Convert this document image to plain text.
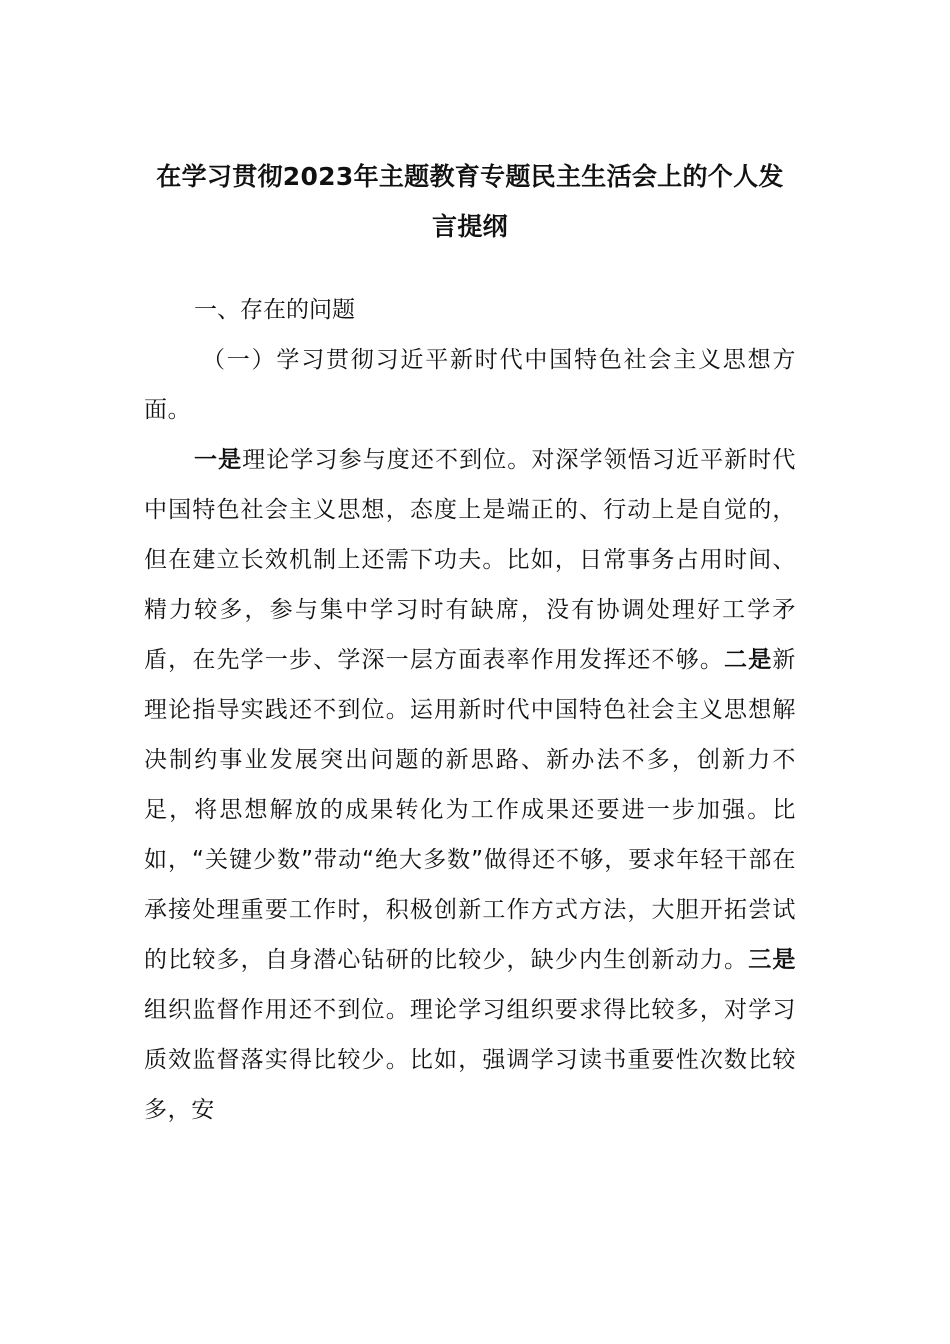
在学习贯彻2023年主题教育专题民主生活会上的个人发言提纲

一、存在的问题

（一）学习贯彻习近平新时代中国特色社会主义思想方面。

一是理论学习参与度还不到位。对深学领悟习近平新时代中国特色社会主义思想，态度上是端正的、行动上是自觉的，但在建立长效机制上还需下功夫。比如，日常事务占用时间、精力较多，参与集中学习时有缺席，没有协调处理好工学矛盾，在先学一步、学深一层方面表率作用发挥还不够。二是新理论指导实践还不到位。运用新时代中国特色社会主义思想解决制约事业发展突出问题的新思路、新办法不多，创新力不足，将思想解放的成果转化为工作成果还要进一步加强。比如，“关键少数”带动“绝大多数”做得还不够，要求年轻干部在承接处理重要工作时，积极创新工作方式方法，大胆开拓尝试的比较多，自身潜心钻研的比较少，缺少内生创新动力。三是组织监督作用还不到位。理论学习组织要求得比较多，对学习质效监督落实得比较少。比如，强调学习读书重要性次数比较多，安
